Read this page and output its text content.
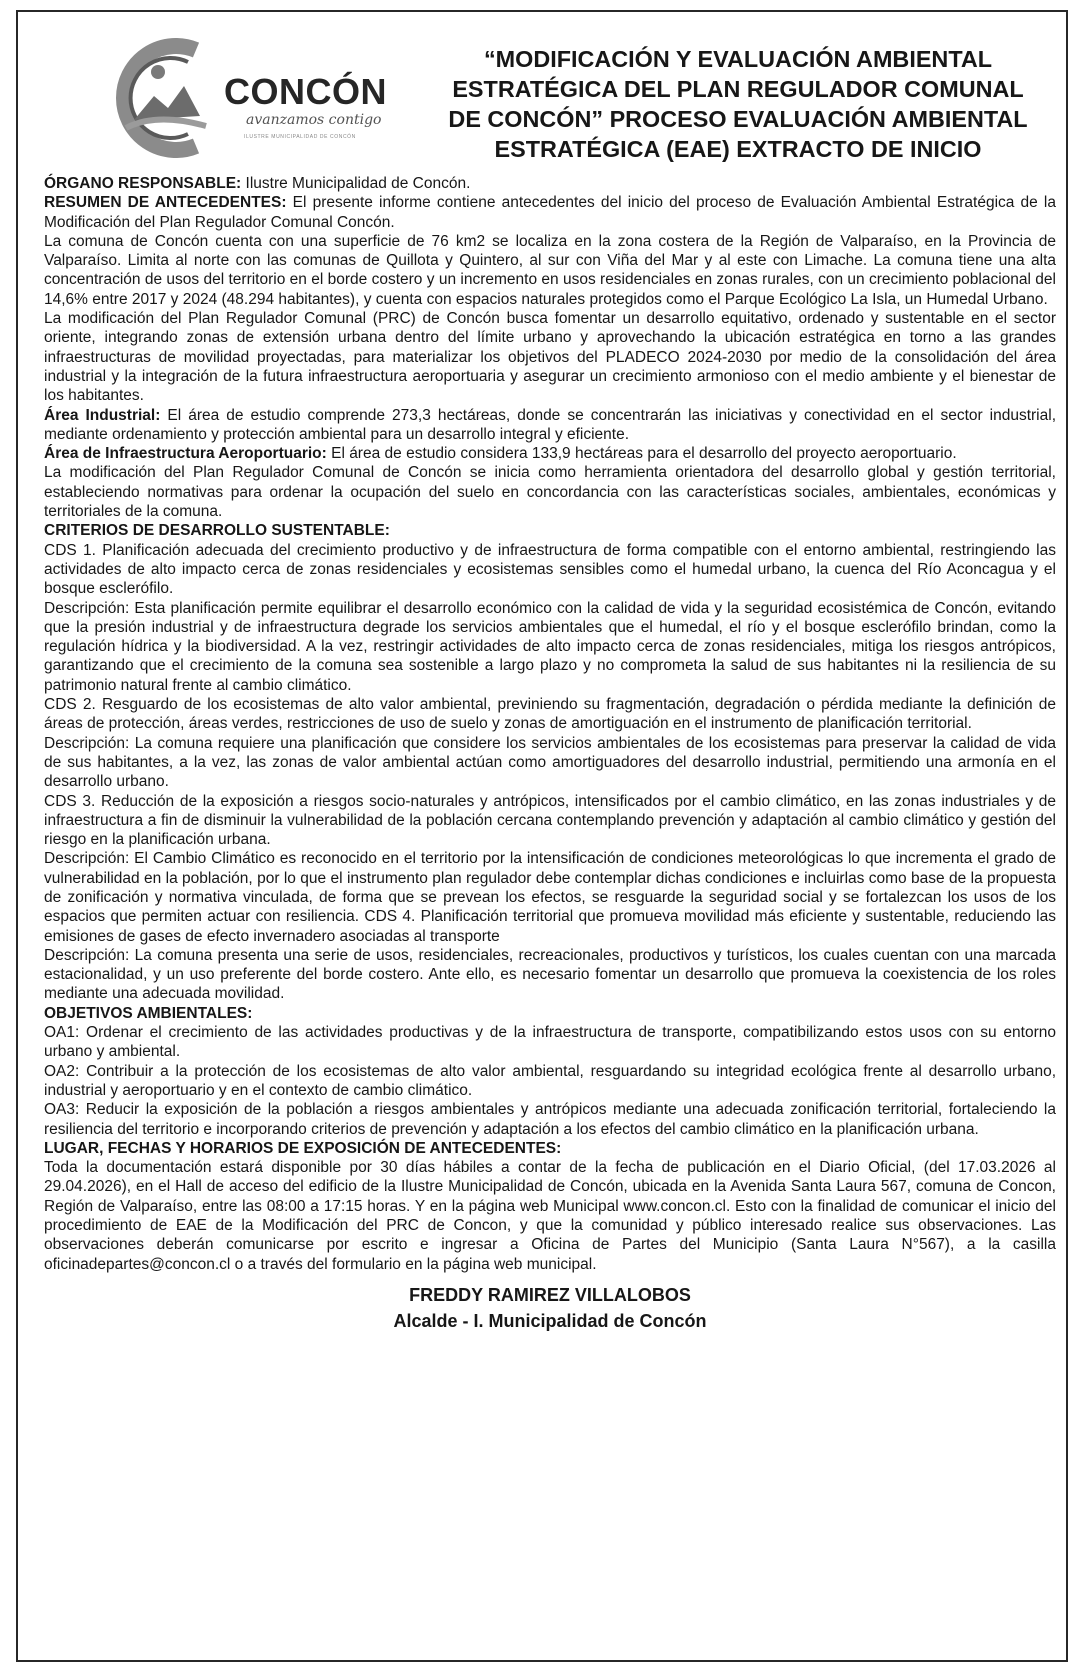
CONCÓN
avanzamos contigo
ILUSTRE MUNICIPALIDAD DE CONCÓN
“MODIFICACIÓN Y EVALUACIÓN AMBIENTAL
ESTRATÉGICA DEL PLAN REGULADOR COMUNAL
DE CONCÓN” PROCESO EVALUACIÓN AMBIENTAL
ESTRATÉGICA (EAE) EXTRACTO DE INICIO

ÓRGANO RESPONSABLE: Ilustre Municipalidad de Concón.

RESUMEN DE ANTECEDENTES: El presente informe contiene antecedentes del inicio del proceso de Evaluación Ambiental Estratégica de la Modificación del Plan Regulador Comunal Concón.

La comuna de Concón cuenta con una superficie de 76 km2 se localiza en la zona costera de la Región de Valparaíso, en la Provincia de Valparaíso. Limita al norte con las comunas de Quillota y Quintero, al sur con Viña del Mar y al este con Limache. La comuna tiene una alta concentración de usos del territorio en el borde costero y un incremento en usos residenciales en zonas rurales, con un crecimiento poblacional del 14,6% entre 2017 y 2024 (48.294 habitantes), y cuenta con espacios naturales protegidos como el Parque Ecológico La Isla, un Humedal Urbano.

La modificación del Plan Regulador Comunal (PRC) de Concón busca fomentar un desarrollo equitativo, ordenado y sustentable en el sector oriente, integrando zonas de extensión urbana dentro del límite urbano y aprovechando la ubicación estratégica en torno a las grandes infraestructuras de movilidad proyectadas, para materializar los objetivos del PLADECO 2024-2030 por medio de la consolidación del área industrial y la integración de la futura infraestructura aeroportuaria y asegurar un crecimiento armonioso con el medio ambiente y el bienestar de los habitantes.

Área Industrial: El área de estudio comprende 273,3 hectáreas, donde se concentrarán las iniciativas y conectividad en el sector industrial, mediante ordenamiento y protección ambiental para un desarrollo integral y eficiente.

Área de Infraestructura Aeroportuario: El área de estudio considera 133,9 hectáreas para el desarrollo del proyecto aeroportuario.

La modificación del Plan Regulador Comunal de Concón se inicia como herramienta orientadora del desarrollo global y gestión territorial, estableciendo normativas para ordenar la ocupación del suelo en concordancia con las características sociales, ambientales, económicas y territoriales de la comuna.

CRITERIOS DE DESARROLLO SUSTENTABLE:

CDS 1. Planificación adecuada del crecimiento productivo y de infraestructura de forma compatible con el entorno ambiental, restringiendo las actividades de alto impacto cerca de zonas residenciales y ecosistemas sensibles como el humedal urbano, la cuenca del Río Aconcagua y el bosque esclerófilo.

Descripción: Esta planificación permite equilibrar el desarrollo económico con la calidad de vida y la seguridad ecosistémica de Concón, evitando que la presión industrial y de infraestructura degrade los servicios ambientales que el humedal, el río y el bosque esclerófilo brindan, como la regulación hídrica y la biodiversidad. A la vez, restringir actividades de alto impacto cerca de zonas residenciales, mitiga los riesgos antrópicos, garantizando que el crecimiento de la comuna sea sostenible a largo plazo y no comprometa la salud de sus habitantes ni la resiliencia de su patrimonio natural frente al cambio climático.

CDS 2. Resguardo de los ecosistemas de alto valor ambiental, previniendo su fragmentación, degradación o pérdida mediante la definición de áreas de protección, áreas verdes, restricciones de uso de suelo y zonas de amortiguación en el instrumento de planificación territorial.

Descripción: La comuna requiere una planificación que considere los servicios ambientales de los ecosistemas para preservar la calidad de vida de sus habitantes, a la vez, las zonas de valor ambiental actúan como amortiguadores del desarrollo industrial, permitiendo una armonía en el desarrollo urbano.

CDS 3. Reducción de la exposición a riesgos socio-naturales y antrópicos, intensificados por el cambio climático, en las zonas industriales y de infraestructura a fin de disminuir la vulnerabilidad de la población cercana contemplando prevención y adaptación al cambio climático y gestión del riesgo en la planificación urbana.

Descripción: El Cambio Climático es reconocido en el territorio por la intensificación de condiciones meteorológicas lo que incrementa el grado de vulnerabilidad en la población, por lo que el instrumento plan regulador debe contemplar dichas condiciones e incluirlas como base de la propuesta de zonificación y normativa vinculada, de forma que se prevean los efectos, se resguarde la seguridad social y se fortalezcan los usos de los espacios que permiten actuar con resiliencia. CDS 4. Planificación territorial que promueva movilidad más eficiente y sustentable, reduciendo las emisiones de gases de efecto invernadero asociadas al transporte

Descripción: La comuna presenta una serie de usos, residenciales, recreacionales, productivos y turísticos, los cuales cuentan con una marcada estacionalidad, y un uso preferente del borde costero. Ante ello, es necesario fomentar un desarrollo que promueva la coexistencia de los roles mediante una adecuada movilidad.

OBJETIVOS AMBIENTALES:

OA1: Ordenar el crecimiento de las actividades productivas y de la infraestructura de transporte, compatibilizando estos usos con su entorno urbano y ambiental.

OA2: Contribuir a la protección de los ecosistemas de alto valor ambiental, resguardando su integridad ecológica frente al desarrollo urbano, industrial y aeroportuario y en el contexto de cambio climático.

OA3: Reducir la exposición de la población a riesgos ambientales y antrópicos mediante una adecuada zonificación territorial, fortaleciendo la resiliencia del territorio e incorporando criterios de prevención y adaptación a los efectos del cambio climático en la planificación urbana.

LUGAR, FECHAS Y HORARIOS DE EXPOSICIÓN DE ANTECEDENTES:

Toda la documentación estará disponible por 30 días hábiles a contar de la fecha de publicación en el Diario Oficial, (del 17.03.2026 al 29.04.2026), en el Hall de acceso del edificio de la Ilustre Municipalidad de Concón, ubicada en la Avenida Santa Laura 567, comuna de Concon, Región de Valparaíso, entre las 08:00 a 17:15 horas. Y en la página web Municipal www.concon.cl. Esto con la finalidad de comunicar el inicio del procedimiento de EAE de la Modificación del PRC de Concon, y que la comunidad y público interesado realice sus observaciones. Las observaciones deberán comunicarse por escrito e ingresar a Oficina de Partes del Municipio (Santa Laura N°567), a la casilla oficinadepartes@concon.cl o a través del formulario en la página web municipal.

FREDDY RAMIREZ VILLALOBOS
Alcalde - I. Municipalidad de Concón
